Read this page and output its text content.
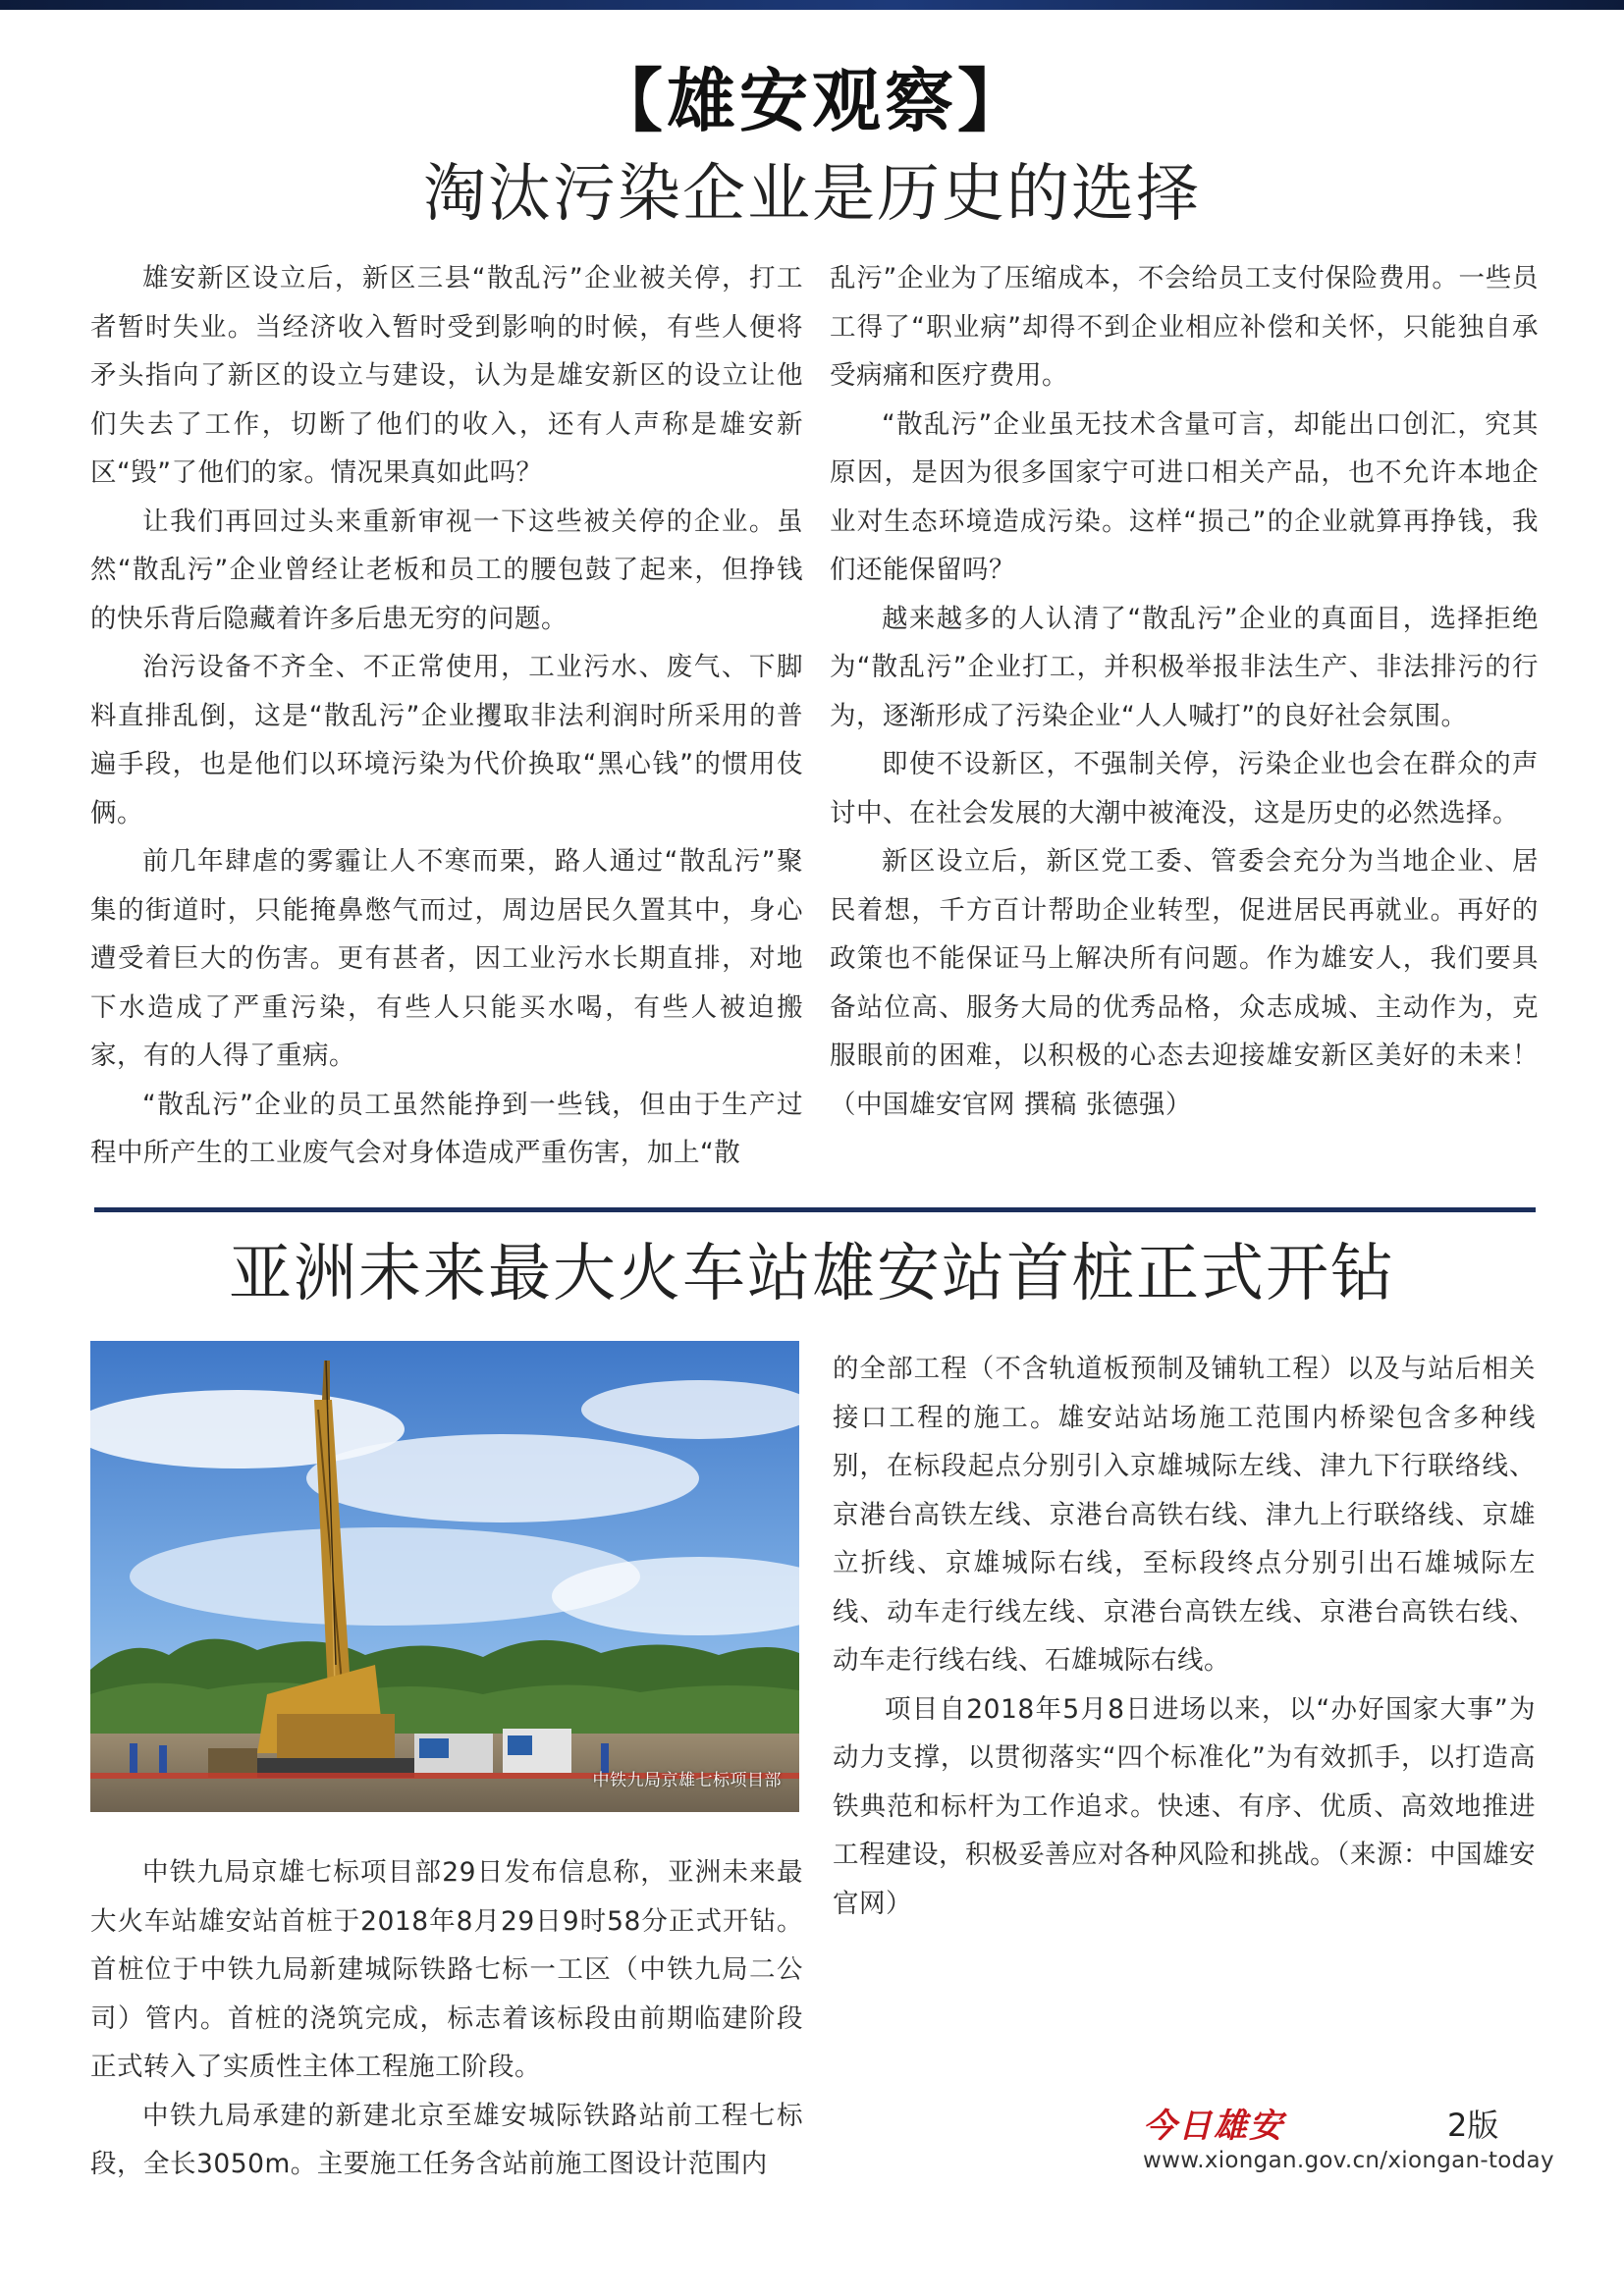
【雄安观察】
淘汰污染企业是历史的选择

雄安新区设立后，新区三县“散乱污”企业被关停，打工者暂时失业。当经济收入暂时受到影响的时候，有些人便将矛头指向了新区的设立与建设，认为是雄安新区的设立让他们失去了工作，切断了他们的收入，还有人声称是雄安新区“毁”了他们的家。情况果真如此吗？

让我们再回过头来重新审视一下这些被关停的企业。虽然“散乱污”企业曾经让老板和员工的腰包鼓了起来，但挣钱的快乐背后隐藏着许多后患无穷的问题。

治污设备不齐全、不正常使用，工业污水、废气、下脚料直排乱倒，这是“散乱污”企业攫取非法利润时所采用的普遍手段，也是他们以环境污染为代价换取“黑心钱”的惯用伎俩。

前几年肆虐的雾霾让人不寒而栗，路人通过“散乱污”聚集的街道时，只能掩鼻憋气而过，周边居民久置其中，身心遭受着巨大的伤害。更有甚者，因工业污水长期直排，对地下水造成了严重污染，有些人只能买水喝，有些人被迫搬家，有的人得了重病。

“散乱污”企业的员工虽然能挣到一些钱，但由于生产过程中所产生的工业废气会对身体造成严重伤害，加上“散

乱污”企业为了压缩成本，不会给员工支付保险费用。一些员工得了“职业病”却得不到企业相应补偿和关怀，只能独自承受病痛和医疗费用。

“散乱污”企业虽无技术含量可言，却能出口创汇，究其原因，是因为很多国家宁可进口相关产品，也不允许本地企业对生态环境造成污染。这样“损己”的企业就算再挣钱，我们还能保留吗？

越来越多的人认清了“散乱污”企业的真面目，选择拒绝为“散乱污”企业打工，并积极举报非法生产、非法排污的行为，逐渐形成了污染企业“人人喊打”的良好社会氛围。

即使不设新区，不强制关停，污染企业也会在群众的声讨中、在社会发展的大潮中被淹没，这是历史的必然选择。

新区设立后，新区党工委、管委会充分为当地企业、居民着想，千方百计帮助企业转型，促进居民再就业。再好的政策也不能保证马上解决所有问题。作为雄安人，我们要具备站位高、服务大局的优秀品格，众志成城、主动作为，克服眼前的困难，以积极的心态去迎接雄安新区美好的未来！（中国雄安官网 撰稿 张德强）

亚洲未来最大火车站雄安站首桩正式开钻
中铁九局京雄七标项目部

的全部工程（不含轨道板预制及铺轨工程）以及与站后相关接口工程的施工。雄安站站场施工范围内桥梁包含多种线别，在标段起点分别引入京雄城际左线、津九下行联络线、京港台高铁左线、京港台高铁右线、津九上行联络线、京雄立折线、京雄城际右线，至标段终点分别引出石雄城际左线、动车走行线左线、京港台高铁左线、京港台高铁右线、动车走行线右线、石雄城际右线。

项目自2018年5月8日进场以来，以“办好国家大事”为动力支撑，以贯彻落实“四个标准化”为有效抓手，以打造高铁典范和标杆为工作追求。快速、有序、优质、高效地推进工程建设，积极妥善应对各种风险和挑战。（来源：中国雄安官网）

中铁九局京雄七标项目部29日发布信息称，亚洲未来最大火车站雄安站首桩于2018年8月29日9时58分正式开钻。首桩位于中铁九局新建城际铁路七标一工区（中铁九局二公司）管内。首桩的浇筑完成，标志着该标段由前期临建阶段正式转入了实质性主体工程施工阶段。

中铁九局承建的新建北京至雄安城际铁路站前工程七标段，全长3050m。主要施工任务含站前施工图设计范围内

今日雄安	2版
www.xiongan.gov.cn/xiongan-today
